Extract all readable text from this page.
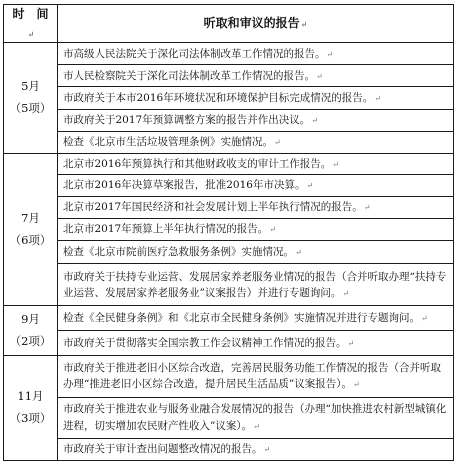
时　间↵	听取和审议的报告↵

5月
（5项）	市高级人民法院关于深化司法体制改革工作情况的报告。↵
	市人民检察院关于深化司法体制改革工作情况的报告。↵
	市政府关于本市2016年环境状况和环境保护目标完成情况的报告。↵
	市政府关于2017年预算调整方案的报告并作出决议。↵
	检查《北京市生活垃圾管理条例》实施情况。↵

7月
（6项）	北京市2016年预算执行和其他财政收支的审计工作报告。↵
	北京市2016年决算草案报告，批准2016年市决算。↵
	北京市2017年国民经济和社会发展计划上半年执行情况的报告。↵
	北京市2017年预算上半年执行情况的报告。↵
	检查《北京市院前医疗急救服务条例》实施情况。↵
	市政府关于扶持专业运营、发展居家养老服务业情况的报告（合并听取办理“扶持专业运营、发展居家养老服务业”议案报告）并进行专题询问。↵

9月
（2项）	检查《全民健身条例》和《北京市全民健身条例》实施情况并进行专题询问。↵
	市政府关于贯彻落实全国宗教工作会议精神工作情况的报告。↵

11月
（3项）	市政府关于推进老旧小区综合改造，完善居民服务功能工作情况的报告（合并听取办理“推进老旧小区综合改造，提升居民生活品质”议案报告）。↵
	市政府关于推进农业与服务业融合发展情况的报告（办理“加快推进农村新型城镇化进程，切实增加农民财产性收入”议案）。↵
	市政府关于审计查出问题整改情况的报告。↵
